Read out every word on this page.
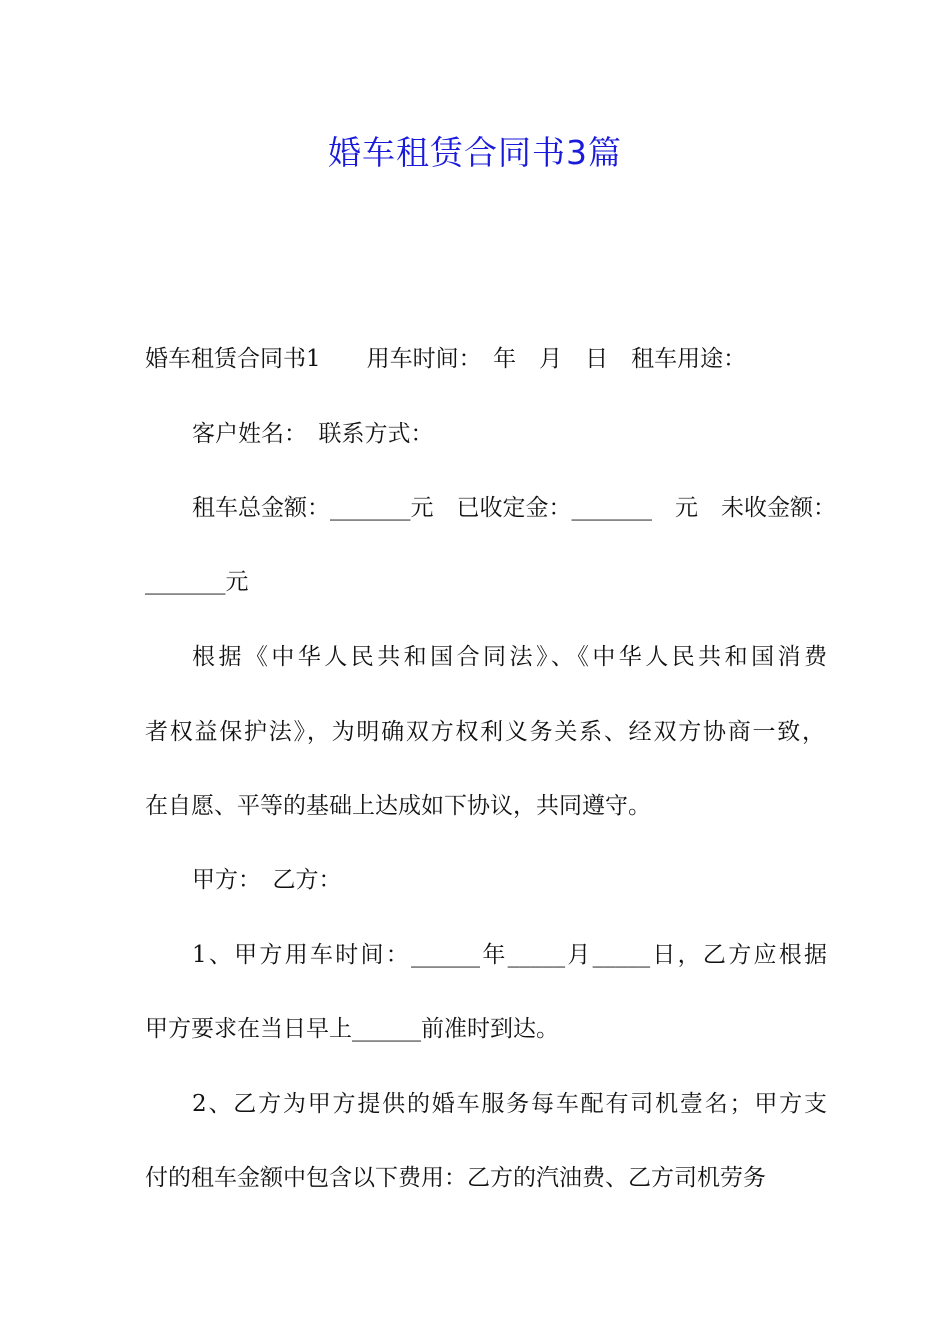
婚车租赁合同书3篇
婚车租赁合同书1　　用车时间：　年　月　日　租车用途：
客户姓名：　联系方式：
租车总金额：_______元　已收定金：_______　元　未收金额：
_______元
根据《中华人民共和国合同法》、《中华人民共和国消费
者权益保护法》，为明确双方权利义务关系、经双方协商一致，
在自愿、平等的基础上达成如下协议，共同遵守。
甲方：　乙方：
1、甲方用车时间：______年_____月_____日，乙方应根据
甲方要求在当日早上______前准时到达。
2、乙方为甲方提供的婚车服务每车配有司机壹名；甲方支
付的租车金额中包含以下费用：乙方的汽油费、乙方司机劳务
